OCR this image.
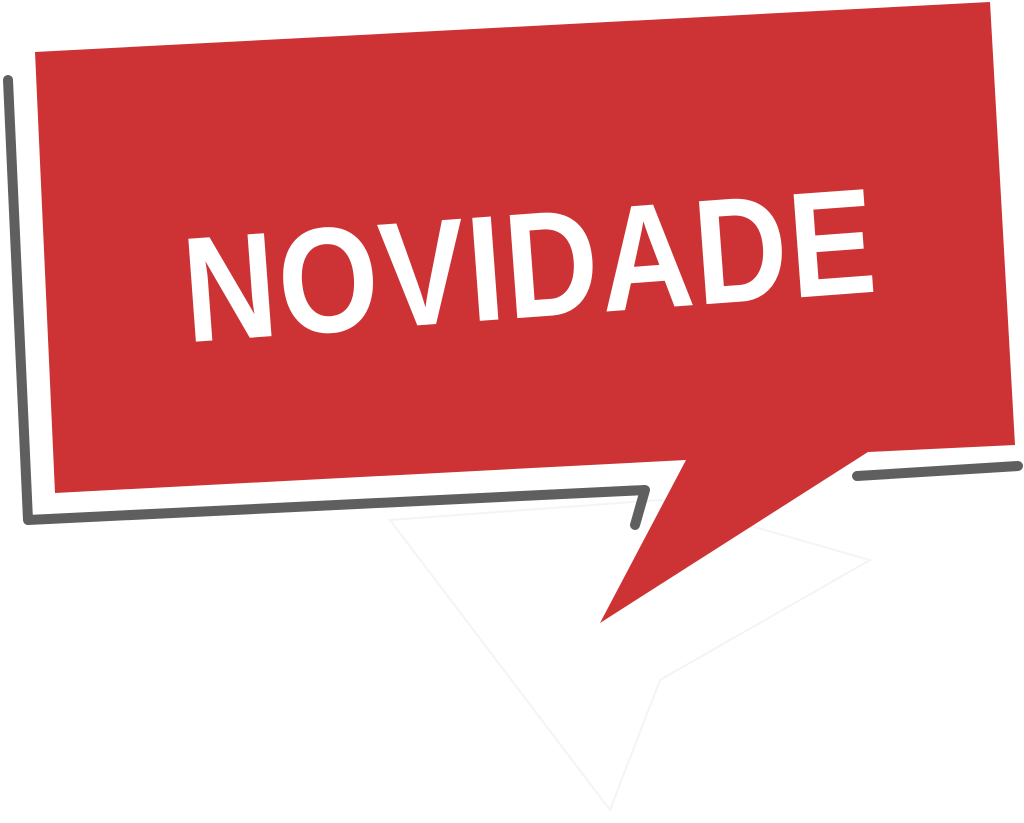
NOVIDADE
